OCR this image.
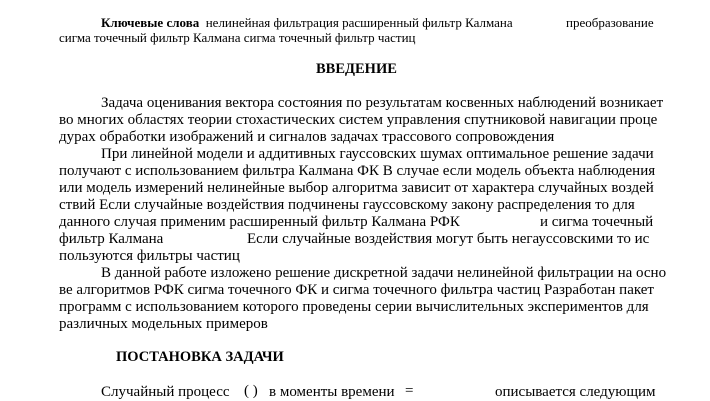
Ключевые слова нелинейная фильтрация расширенный фильтр Калмана	преобразование
сигма точечный фильтр Калмана сигма точечный фильтр частиц
ВВЕДЕНИЕ
Задача оценивания вектора состояния по результатам косвенных наблюдений возникает
во многих областях теории стохастических систем управления спутниковой навигации проце
дурах обработки изображений и сигналов задачах трассового сопровождения
При линейной модели и аддитивных гауссовских шумах оптимальное решение задачи
получают с использованием фильтра Калмана ФК В случае если модель объекта наблюдения
или модель измерений нелинейные выбор алгоритма зависит от характера случайных воздей
ствий Если случайные воздействия подчинены гауссовскому закону распределения то для
данного случая применим расширенный фильтр Калмана РФК	и сигма точечный
фильтр Калмана	Если случайные воздействия могут быть негауссовскими то ис
пользуются фильтры частиц
В данной работе изложено решение дискретной задачи нелинейной фильтрации на осно
ве алгоритмов РФК сигма точечного ФК и сигма точечного фильтра частиц Разработан пакет
программ с использованием которого проведены серии вычислительных экспериментов для
различных модельных примеров
ПОСТАНОВКА ЗАДАЧИ
Случайный процесс ( ) в моменты времени =	описывается следующим
